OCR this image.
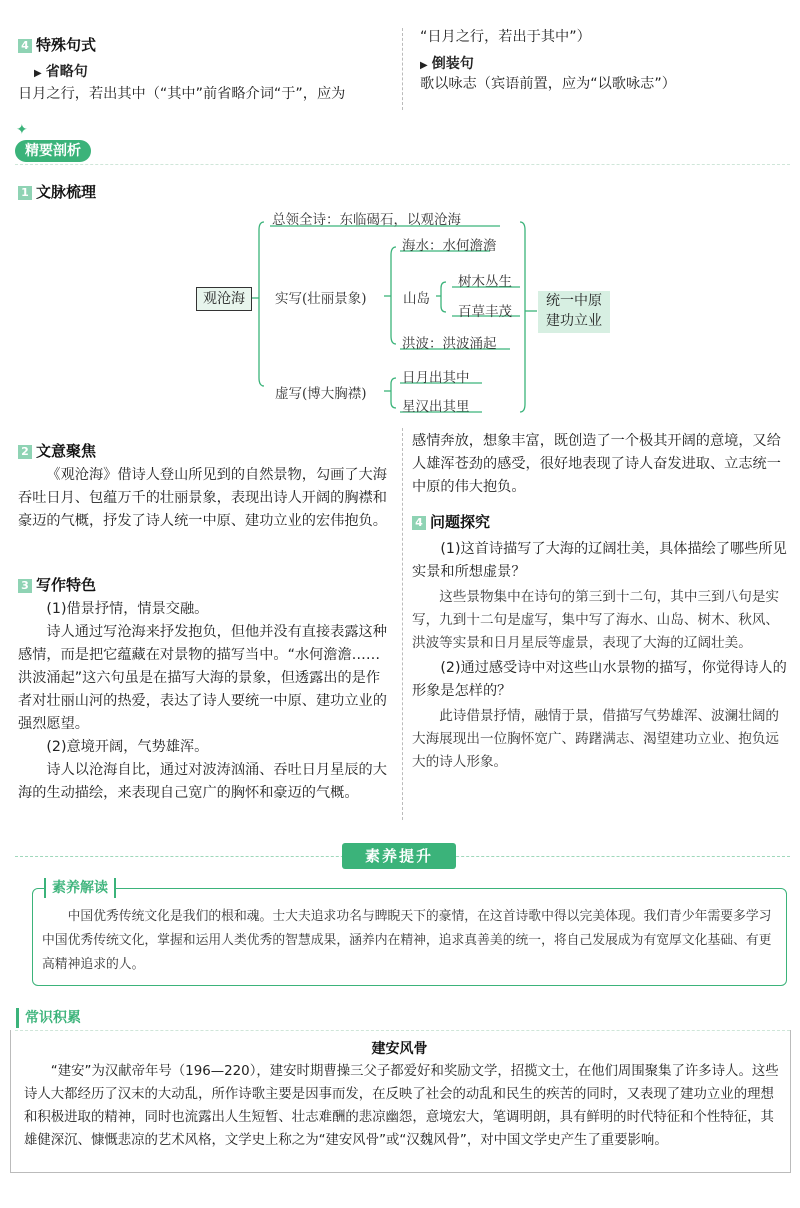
4 特殊句式
▶ 省略句
日月之行，若出其中（“其中”前省略介词“于”，应为
“日月之行，若出于其中”）
▶ 倒装句
歌以咏志（宾语前置，应为“以歌咏志”）
✦
精要剖析
1 文脉梳理
观沧海
总领全诗：东临碣石，以观沧海
实写(壮丽景象)
海水：水何澹澹
山岛
树木丛生
百草丰茂
洪波：洪波涌起
虚写(博大胸襟)
日月出其中
星汉出其里
统一中原
建功立业
2 文意聚焦

《观沧海》借诗人登山所见到的自然景物，勾画了大海吞吐日月、包蕴万千的壮丽景象，表现出诗人开阔的胸襟和豪迈的气概，抒发了诗人统一中原、建功立业的宏伟抱负。

3 写作特色

(1)借景抒情，情景交融。

诗人通过写沧海来抒发抱负，但他并没有直接表露这种感情，而是把它蕴藏在对景物的描写当中。“水何澹澹……洪波涌起”这六句虽是在描写大海的景象，但透露出的是作者对壮丽山河的热爱，表达了诗人要统一中原、建功立业的强烈愿望。

(2)意境开阔，气势雄浑。

诗人以沧海自比，通过对波涛汹涌、吞吐日月星辰的大海的生动描绘，来表现自己宽广的胸怀和豪迈的气概。

感情奔放，想象丰富，既创造了一个极其开阔的意境，又给人雄浑苍劲的感受，很好地表现了诗人奋发进取、立志统一中原的伟大抱负。

4 问题探究

(1)这首诗描写了大海的辽阔壮美，具体描绘了哪些所见实景和所想虚景？

这些景物集中在诗句的第三到十二句，其中三到八句是实写，九到十二句是虚写，集中写了海水、山岛、树木、秋风、洪波等实景和日月星辰等虚景，表现了大海的辽阔壮美。

(2)通过感受诗中对这些山水景物的描写，你觉得诗人的形象是怎样的？

此诗借景抒情，融情于景，借描写气势雄浑、波澜壮阔的大海展现出一位胸怀宽广、踌躇满志、渴望建功立业、抱负远大的诗人形象。

素养提升
素养解读

中国优秀传统文化是我们的根和魂。士大夫追求功名与睥睨天下的豪情，在这首诗歌中得以完美体现。我们青少年需要多学习中国优秀传统文化，掌握和运用人类优秀的智慧成果，涵养内在精神，追求真善美的统一，将自己发展成为有宽厚文化基础、有更高精神追求的人。

常识积累
建安风骨

“建安”为汉献帝年号（196—220），建安时期曹操三父子都爱好和奖励文学，招揽文士，在他们周围聚集了许多诗人。这些诗人大都经历了汉末的大动乱，所作诗歌主要是因事而发，在反映了社会的动乱和民生的疾苦的同时，又表现了建功立业的理想和积极进取的精神，同时也流露出人生短暂、壮志难酬的悲凉幽怨，意境宏大，笔调明朗，具有鲜明的时代特征和个性特征，其雄健深沉、慷慨悲凉的艺术风格，文学史上称之为“建安风骨”或“汉魏风骨”，对中国文学史产生了重要影响。
